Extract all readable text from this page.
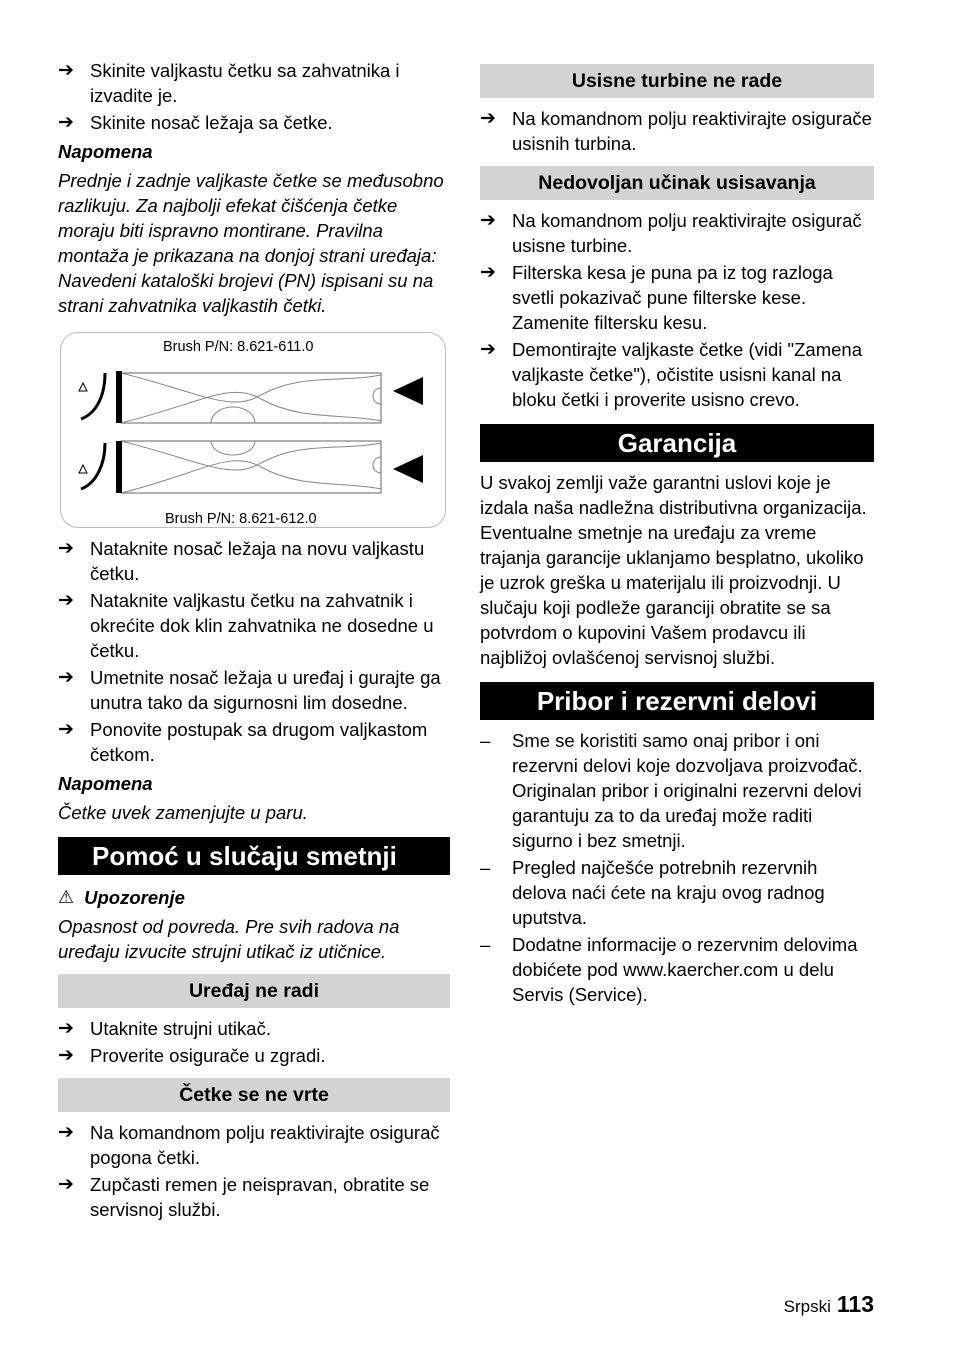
➔ Skinite valjkastu četku sa zahvatnika i izvadite je.
➔ Skinite nosač ležaja sa četke.
Napomena
Prednje i zadnje valjkaste četke se međusobno razlikuju. Za najbolji efekat čišćenja četke moraju biti ispravno montirane. Pravilna montaža je prikazana na donjoj strani uređaja:
Navedeni kataloški brojevi (PN) ispisani su na strani zahvatnika valjkastih četki.
Brush P/N: 8.621-611.0
Brush P/N: 8.621-612.0
➔ Nataknite nosač ležaja na novu valjkastu četku.
➔ Nataknite valjkastu četku na zahvatnik i okrećite dok klin zahvatnika ne dosedne u četku.
➔ Umetnite nosač ležaja u uređaj i gurajte ga unutra tako da sigurnosni lim dosedne.
➔ Ponovite postupak sa drugom valjkastom četkom.
Napomena
Četke uvek zamenjujte u paru.
Pomoć u slučaju smetnji
⚠ Upozorenje
Opasnost od povreda. Pre svih radova na uređaju izvucite strujni utikač iz utičnice.
Uređaj ne radi
➔ Utaknite strujni utikač.
➔ Proverite osigurače u zgradi.
Četke se ne vrte
➔ Na komandnom polju reaktivirajte osigurač pogona četki.
➔ Zupčasti remen je neispravan, obratite se servisnoj službi.
Usisne turbine ne rade
➔ Na komandnom polju reaktivirajte osigurače usisnih turbina.
Nedovoljan učinak usisavanja
➔ Na komandnom polju reaktivirajte osigurač usisne turbine.
➔ Filterska kesa je puna pa iz tog razloga svetli pokazivač pune filterske kese. Zamenite filtersku kesu.
➔ Demontirajte valjkaste četke (vidi "Zamena valjkaste četke"), očistite usisni kanal na bloku četki i proverite usisno crevo.
Garancija
U svakoj zemlji važe garantni uslovi koje je izdala naša nadležna distributivna organizacija. Eventualne smetnje na uređaju za vreme trajanja garancije uklanjamo besplatno, ukoliko je uzrok greška u materijalu ili proizvodnji. U slučaju koji podleže garanciji obratite se sa potvrdom o kupovini Vašem prodavcu ili najbližoj ovlašćenoj servisnoj službi.
Pribor i rezervni delovi
– Sme se koristiti samo onaj pribor i oni rezervni delovi koje dozvoljava proizvođač. Originalan pribor i originalni rezervni delovi garantuju za to da uređaj može raditi sigurno i bez smetnji.
– Pregled najčešće potrebnih rezervnih delova naći ćete na kraju ovog radnog uputstva.
– Dodatne informacije o rezervnim delovima dobićete pod www.kaercher.com u delu Servis (Service).
Srpski 113
